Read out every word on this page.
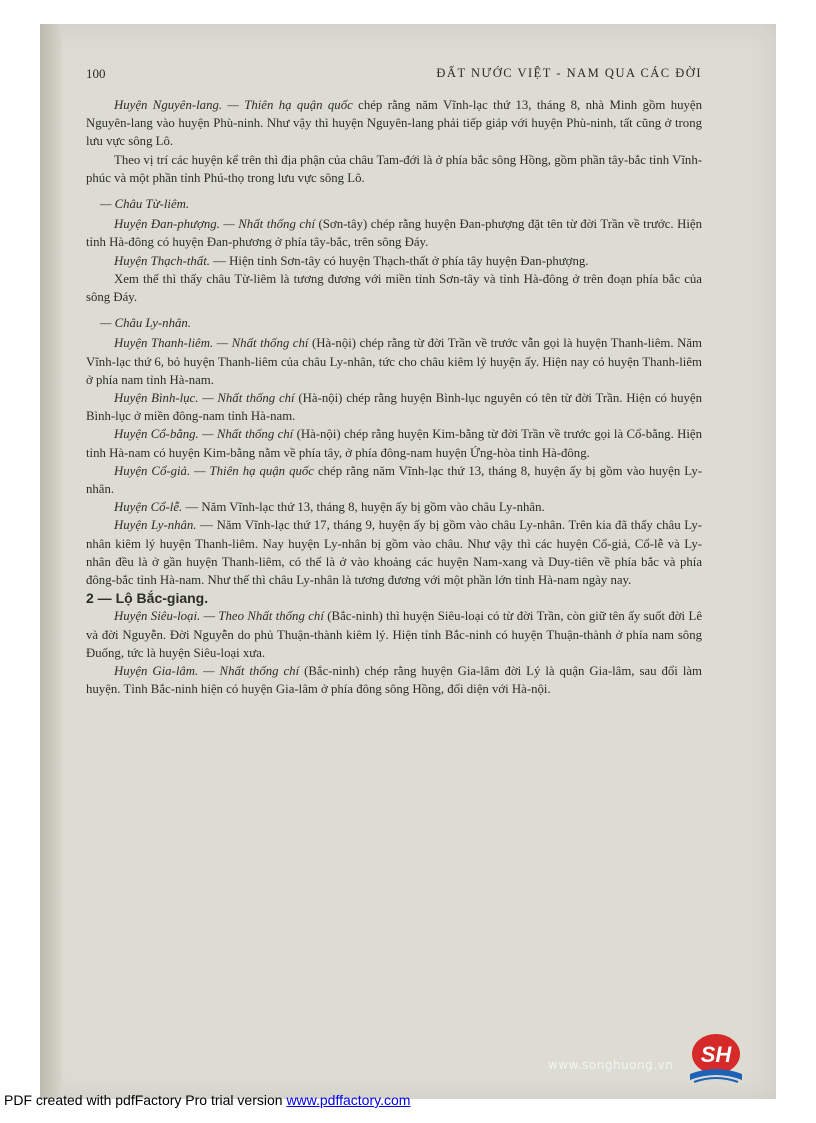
100	ĐẤT NƯỚC VIỆT - NAM QUA CÁC ĐỜI

Huyện Nguyên-lang. — Thiên hạ quận quốc chép rằng năm Vĩnh-lạc thứ 13, tháng 8, nhà Minh gồm huyện Nguyên-lang vào huyện Phù-ninh. Như vậy thì huyện Nguyên-lang phải tiếp giáp với huyện Phù-ninh, tất cũng ở trong lưu vực sông Lô.

Theo vị trí các huyện kể trên thì địa phận của châu Tam-đới là ở phía bắc sông Hồng, gồm phần tây-bắc tỉnh Vĩnh-phúc và một phần tỉnh Phú-thọ trong lưu vực sông Lô.

— Châu Từ-liêm.

Huyện Đan-phượng. — Nhất thống chí (Sơn-tây) chép rằng huyện Đan-phượng đặt tên từ đời Trần về trước. Hiện tỉnh Hà-đông có huyện Đan-phương ở phía tây-bắc, trên sông Đáy.

Huyện Thạch-thất. — Hiện tỉnh Sơn-tây có huyện Thạch-thất ở phía tây huyện Đan-phượng.

Xem thế thì thấy châu Từ-liêm là tương đương với miền tỉnh Sơn-tây và tỉnh Hà-đông ở trên đoạn phía bắc của sông Đáy.

— Châu Ly-nhân.

Huyện Thanh-liêm. — Nhất thống chí (Hà-nội) chép rằng từ đời Trần về trước vẫn gọi là huyện Thanh-liêm. Năm Vĩnh-lạc thứ 6, bỏ huyện Thanh-liêm của châu Ly-nhân, tức cho châu kiêm lý huyện ấy. Hiện nay có huyện Thanh-liêm ở phía nam tỉnh Hà-nam.

Huyện Bình-lục. — Nhất thống chí (Hà-nội) chép rằng huyện Bình-lục nguyên có tên từ đời Trần. Hiện có huyện Bình-lục ở miền đông-nam tỉnh Hà-nam.

Huyện Cổ-bằng. — Nhất thống chí (Hà-nội) chép rằng huyện Kim-bằng từ đời Trần về trước gọi là Cổ-bằng. Hiện tỉnh Hà-nam có huyện Kim-bằng nằm về phía tây, ở phía đông-nam huyện Ứng-hòa tỉnh Hà-đông.

Huyện Cổ-giả. — Thiên hạ quận quốc chép rằng năm Vĩnh-lạc thứ 13, tháng 8, huyện ấy bị gồm vào huyện Ly-nhân.

Huyện Cổ-lễ. — Năm Vĩnh-lạc thứ 13, tháng 8, huyện ấy bị gồm vào châu Ly-nhân.

Huyện Ly-nhân. — Năm Vĩnh-lạc thứ 17, tháng 9, huyện ấy bị gồm vào châu Ly-nhân. Trên kia đã thấy châu Ly-nhân kiêm lý huyện Thanh-liêm. Nay huyện Ly-nhân bị gồm vào châu. Như vậy thì các huyện Cổ-giả, Cổ-lễ và Ly-nhân đều là ở gần huyện Thanh-liêm, có thể là ở vào khoảng các huyện Nam-xang và Duy-tiên về phía bắc và phía đông-bắc tỉnh Hà-nam. Như thế thì châu Ly-nhân là tương đương với một phần lớn tỉnh Hà-nam ngày nay.

2 — Lộ Bắc-giang.

Huyện Siêu-loại. — Theo Nhất thống chí (Bắc-ninh) thì huyện Siêu-loại có từ đời Trần, còn giữ tên ấy suốt đời Lê và đời Nguyễn. Đời Nguyễn do phủ Thuận-thành kiêm lý. Hiện tỉnh Bắc-ninh có huyện Thuận-thành ở phía nam sông Đuống, tức là huyện Siêu-loại xưa.

Huyện Gia-lâm. — Nhất thống chí (Bắc-ninh) chép rằng huyện Gia-lâm đời Lý là quận Gia-lâm, sau đổi làm huyện. Tỉnh Bắc-ninh hiện có huyện Gia-lâm ở phía đông sông Hồng, đối diện với Hà-nội.

www.songhuong.vn SH
PDF created with pdfFactory Pro trial version www.pdffactory.com
